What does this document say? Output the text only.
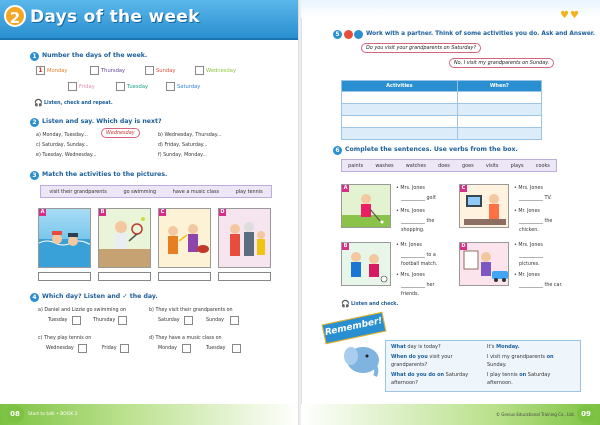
2 Days of the week
1 Number the days of the week.
1 Monday	Thursday	Sunday	Wednesday
Friday	Tuesday	Saturday
🎧 Listen, check and repeat.
2 Listen and say. Which day is next?
a) Monday, Tuesday...	Wednesday	b) Wednesday, Thursday...
c) Saturday, Sunday...	d) Friday, Saturday...
e) Tuesday, Wednesday...	f) Sunday, Monday...
3 Match the activities to the pictures.
visit their grandparents	go swimming	have a music class	play tennis
A	B	C	D
4 Which day? Listen and ✓ the day.
a) Daniel and Lizzie go swimming on
Tuesday	Thursday
b) They visit their grandparents on
Saturday	Sunday
c) They play tennis on
Wednesday	Friday
d) They have a music class on
Monday	Tuesday
08	Start to talk • BOOK 2
♥♥
5	Work with a partner. Think of some activities you do. Ask and Answer.
Do you visit your grandparents on Saturday?
No, I visit my grandparents on Sunday.
Activities	When?

6 Complete the sentences. Use verbs from the box.
paints washes watches does goes visits plays cooks
A	• Mrs. Jones
__________ golf.
• Mrs. Jones
__________ the
shopping.
C	• Mrs. Jones
__________ TV.
• Mr. Jones
__________ the
chicken.
B	• Mr. Jones
__________ to a
football match.
• Mrs. Jones
__________ her
friends.
D	• Mrs. Jones
__________
pictures.
• Mr. Jones
__________ the car.
🎧 Listen and check.
Remember!
What day is today?
When do you visit your
grandparents?
What do you do on Saturday
afternoon?
It's Monday.
I visit my grandparents on
Sunday.
I play tennis on Saturday
afternoon.
© Genius Educational Training Co., Ltd. 09
